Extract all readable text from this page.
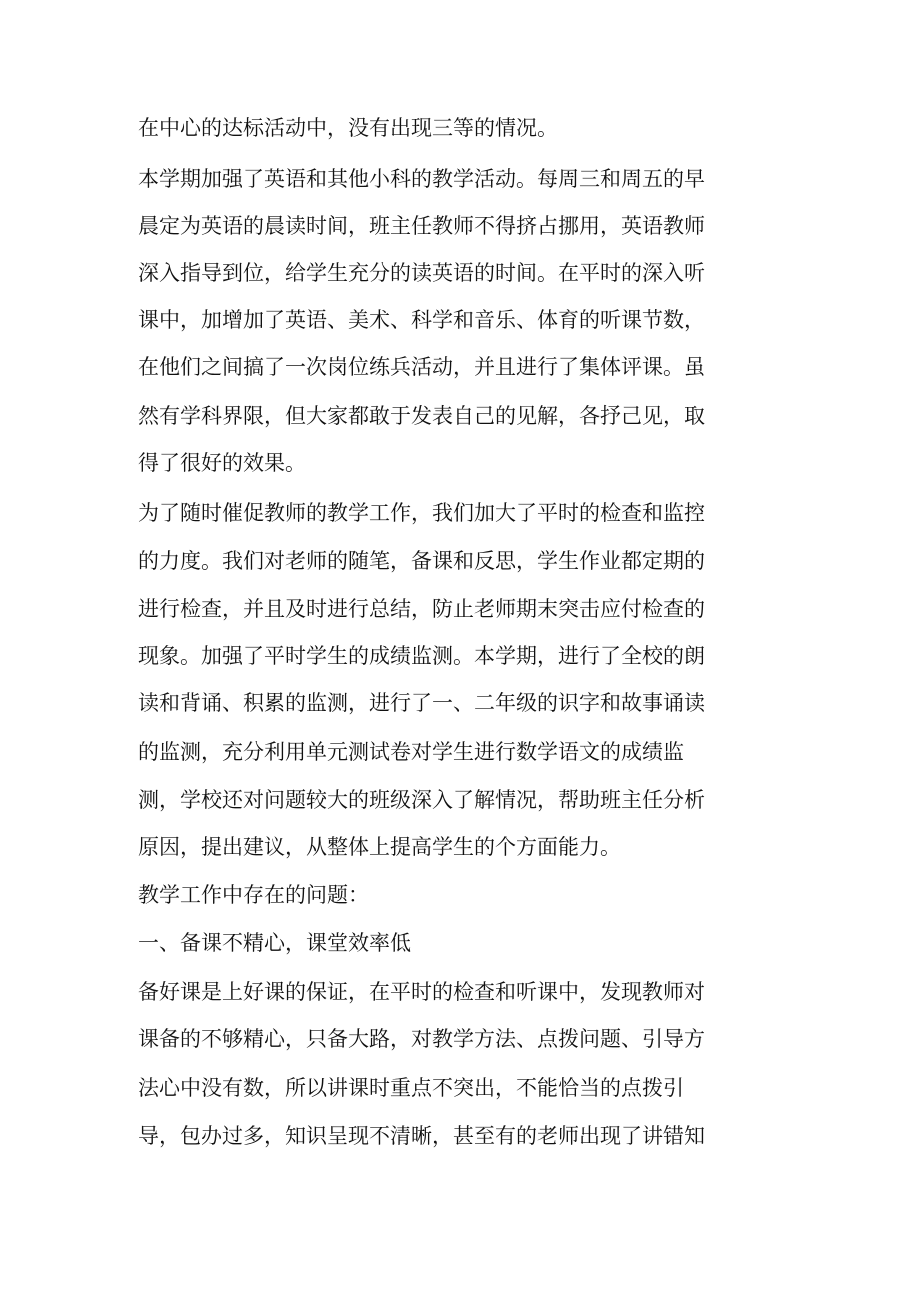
在中心的达标活动中，没有出现三等的情况。

本学期加强了英语和其他小科的教学活动。每周三和周五的早

晨定为英语的晨读时间，班主任教师不得挤占挪用，英语教师

深入指导到位，给学生充分的读英语的时间。在平时的深入听

课中，加增加了英语、美术、科学和音乐、体育的听课节数，

在他们之间搞了一次岗位练兵活动，并且进行了集体评课。虽

然有学科界限，但大家都敢于发表自己的见解，各抒己见，取

得了很好的效果。

为了随时催促教师的教学工作，我们加大了平时的检查和监控

的力度。我们对老师的随笔，备课和反思，学生作业都定期的

进行检查，并且及时进行总结，防止老师期末突击应付检查的

现象。加强了平时学生的成绩监测。本学期，进行了全校的朗

读和背诵、积累的监测，进行了一、二年级的识字和故事诵读

的监测，充分利用单元测试卷对学生进行数学语文的成绩监

测，学校还对问题较大的班级深入了解情况，帮助班主任分析

原因，提出建议，从整体上提高学生的个方面能力。

教学工作中存在的问题：

一、备课不精心，课堂效率低

备好课是上好课的保证，在平时的检查和听课中，发现教师对

课备的不够精心，只备大路，对教学方法、点拨问题、引导方

法心中没有数，所以讲课时重点不突出，不能恰当的点拨引

导，包办过多，知识呈现不清晰，甚至有的老师出现了讲错知
